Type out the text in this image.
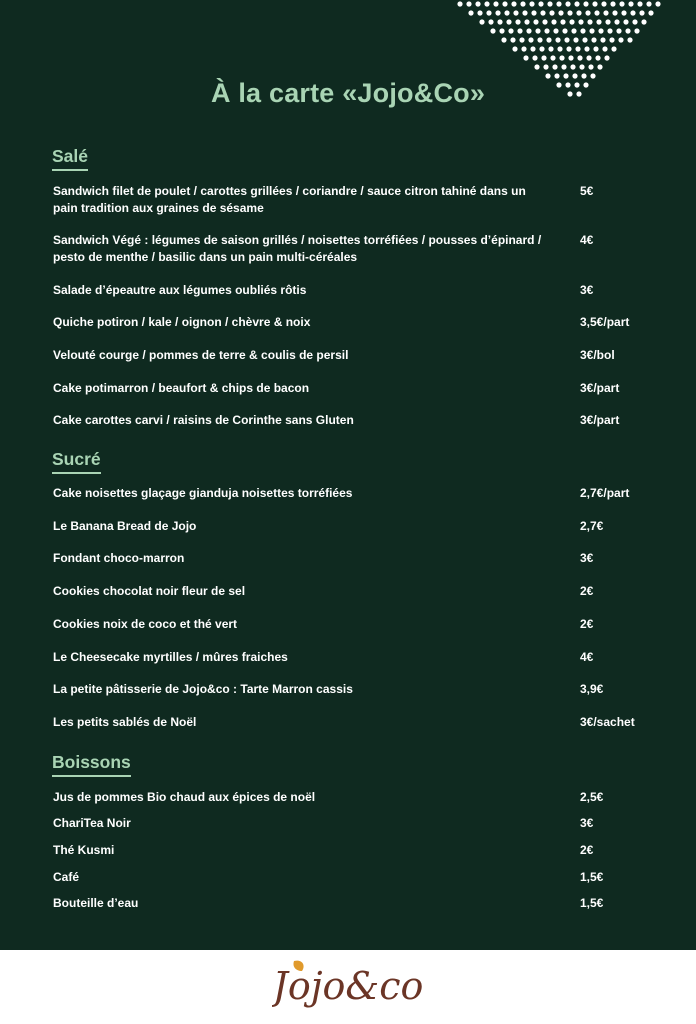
À la carte «Jojo&Co»
Salé
Sandwich filet de poulet / carottes grillées / coriandre / sauce citron tahiné dans un pain tradition aux graines de sésame
5€
Sandwich Végé : légumes de saison grillés / noisettes torréfiées / pousses d’épinard / pesto de menthe / basilic dans un pain multi-céréales
4€
Salade d’épeautre aux légumes oubliés rôtis	3€
Quiche potiron / kale / oignon / chèvre & noix	3,5€/part
Velouté courge / pommes de terre & coulis de persil	3€/bol
Cake potimarron / beaufort & chips de bacon	3€/part
Cake carottes carvi / raisins de Corinthe sans Gluten	3€/part
Sucré
Cake noisettes glaçage gianduja noisettes torréfiées	2,7€/part
Le Banana Bread de Jojo	2,7€
Fondant choco-marron	3€
Cookies chocolat noir fleur de sel	2€
Cookies noix de coco et thé vert	2€
Le Cheesecake myrtilles / mûres fraiches	4€
La petite pâtisserie de Jojo&co : Tarte Marron cassis	3,9€
Les petits sablés de Noël	3€/sachet
Boissons
Jus de pommes Bio chaud aux épices de noël	2,5€
ChariTea Noir	3€
Thé Kusmi	2€
Café	1,5€
Bouteille d’eau	1,5€
Jojo&co
